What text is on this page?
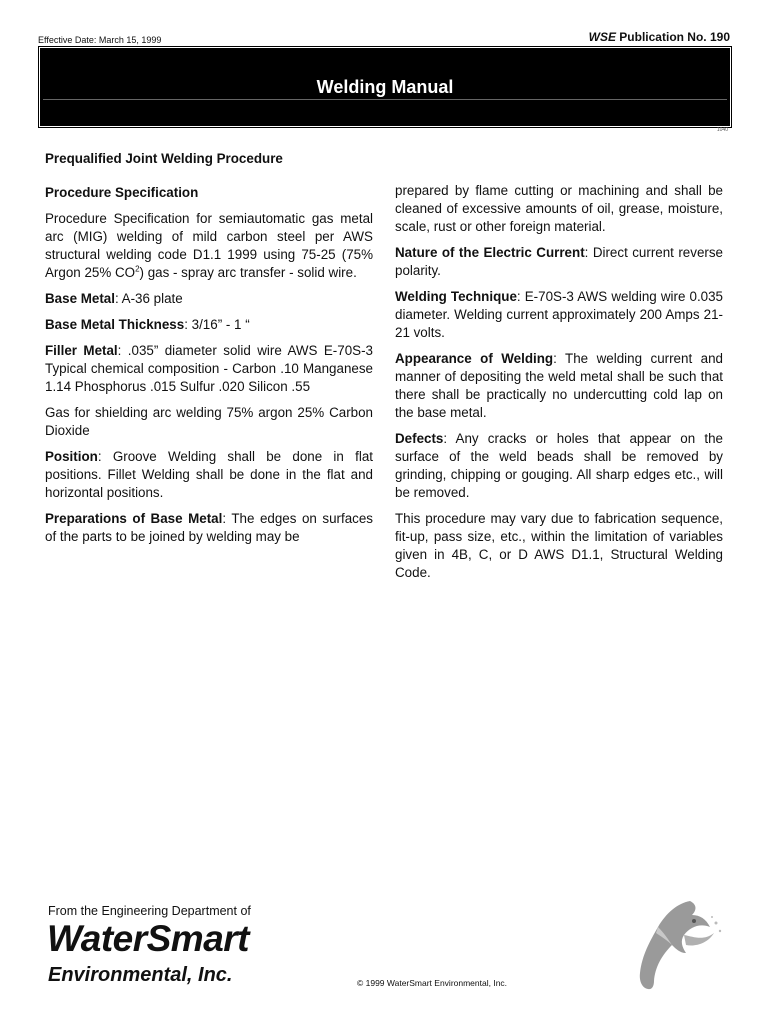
Effective Date: March 15, 1999	WSE Publication No. 190
Welding Manual
1040

Prequalified Joint Welding Procedure

Procedure Specification

Procedure Specification for semiautomatic gas metal arc (MIG) welding of mild carbon steel per AWS structural welding code D1.1 1999 using 75-25 (75% Argon 25% $CO^2$) gas - spray arc transfer - solid wire.

Base Metal: A-36 plate

Base Metal Thickness: 3/16” - 1 “

Filler Metal: .035” diameter solid wire AWS E-70S-3 Typical chemical composition - Carbon .10 Manganese 1.14 Phosphorus .015 Sulfur .020 Silicon .55

Gas for shielding arc welding 75% argon 25% Carbon Dioxide

Position: Groove Welding shall be done in flat positions. Fillet Welding shall be done in the flat and horizontal positions.

Preparations of Base Metal: The edges on surfaces of the parts to be joined by welding may be

prepared by flame cutting or machining and shall be cleaned of excessive amounts of oil, grease, moisture, scale, rust or other foreign material.

Nature of the Electric Current: Direct current reverse polarity.

Welding Technique: E-70S-3 AWS welding wire 0.035 diameter. Welding current approximately 200 Amps 21-21 volts.

Appearance of Welding: The welding current and manner of depositing the weld metal shall be such that there shall be practically no undercutting cold lap on the base metal.

Defects: Any cracks or holes that appear on the surface of the weld beads shall be removed by grinding, chipping or gouging. All sharp edges etc., will be removed.

This procedure may vary due to fabrication sequence, fit-up, pass size, etc., within the limitation of variables given in 4B, C, or D AWS D1.1, Structural Welding Code.

From the Engineering Department of
WaterSmart
Environmental, Inc.	© 1999 WaterSmart Environmental, Inc.
